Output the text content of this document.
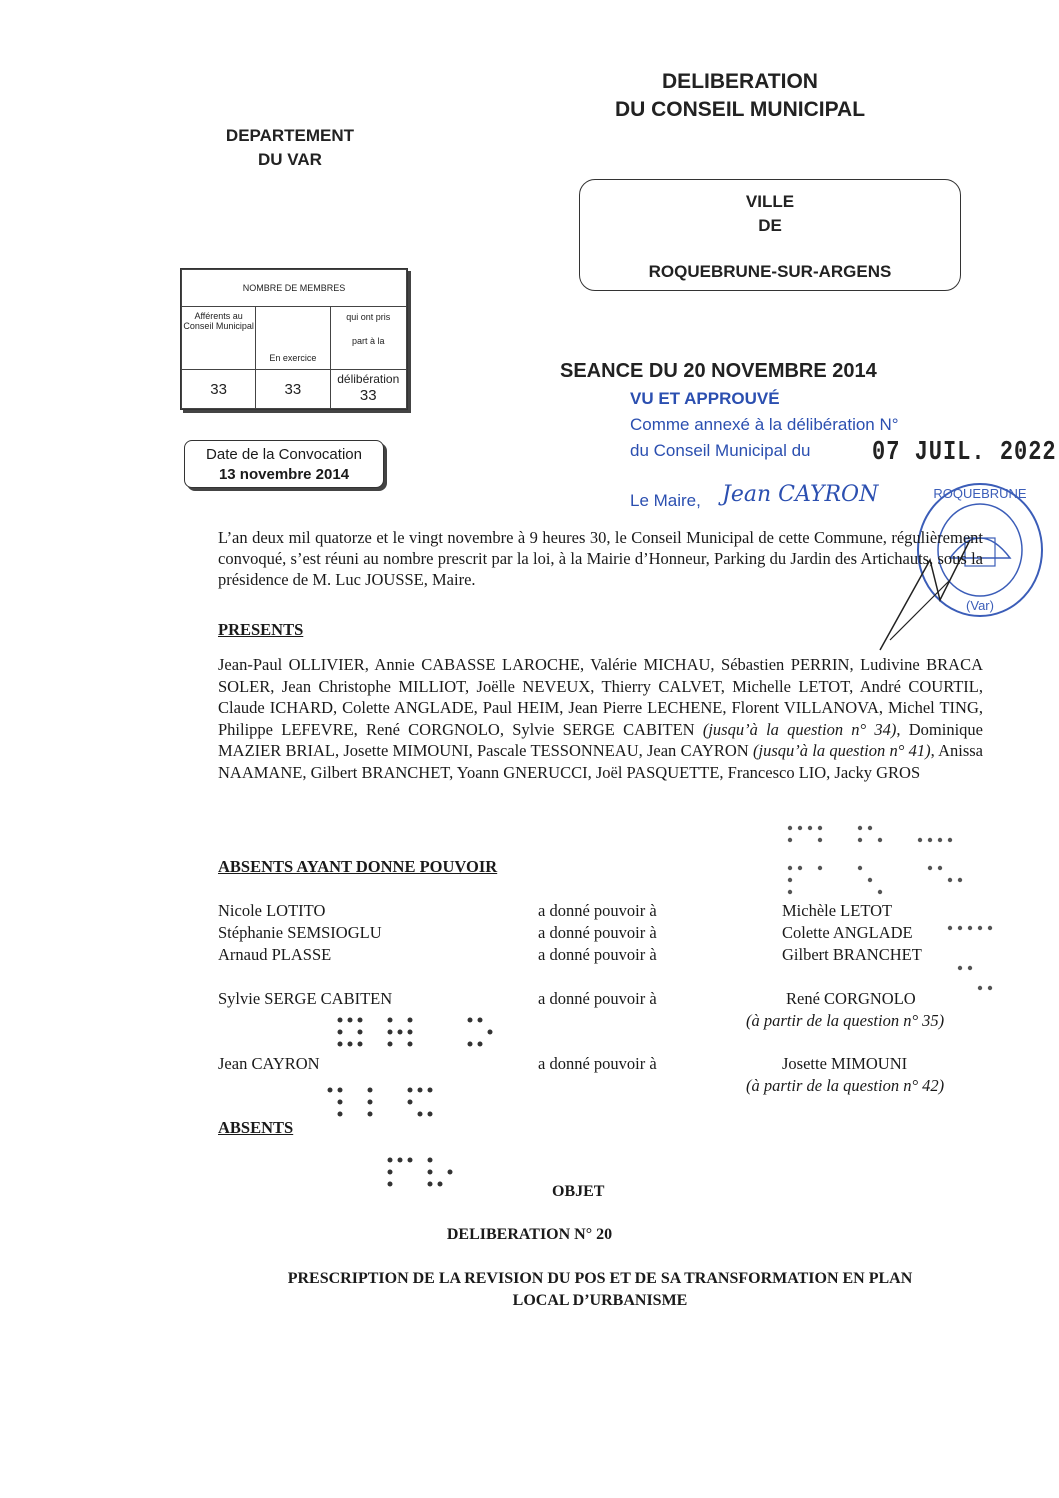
DELIBERATION
DU CONSEIL MUNICIPAL
DEPARTEMENT
DU VAR
VILLE
DE
ROQUEBRUNE-SUR-ARGENS
NOMBRE DE MEMBRES		
Afférents au Conseil Municipal	En exercice	qui ont pris
part à la

33	33	délibération
33
Date de la Convocation
13 novembre 2014
SEANCE DU 20 NOVEMBRE 2014
VU ET APPROUVÉ
Comme annexé à la délibération N°
du Conseil Municipal du	07 JUIL. 2022
Le Maire, Jean CAYRON	ROQUEBRUNE
(Var)
L’an deux mil quatorze et le vingt novembre à 9 heures 30, le Conseil Municipal de cette Commune, régulièrement convoqué, s’est réuni au nombre prescrit par la loi, à la Mairie d’Honneur, Parking du Jardin des Artichauts, sous la présidence de M. Luc JOUSSE, Maire.
PRESENTS
Jean-Paul OLLIVIER, Annie CABASSE LAROCHE, Valérie MICHAU, Sébastien PERRIN, Ludivine BRACA SOLER, Jean Christophe MILLIOT, Joëlle NEVEUX, Thierry CALVET, Michelle LETOT, André COURTIL, Claude ICHARD, Colette ANGLADE, Paul HEIM, Jean Pierre LECHENE, Florent VILLANOVA, Michel TING, Philippe LEFEVRE, René CORGNOLO, Sylvie SERGE CABITEN (jusqu’à la question n° 34), Dominique MAZIER BRIAL, Josette MIMOUNI, Pascale TESSONNEAU, Jean CAYRON (jusqu’à la question n° 41), Anissa NAAMANE, Gilbert BRANCHET, Yoann GNERUCCI, Joël PASQUETTE, Francesco LIO, Jacky GROS
ABSENTS AYANT DONNE POUVOIR
Nicole LOTITO	a donné pouvoir à	Michèle LETOT
Stéphanie SEMSIOGLU	a donné pouvoir à	Colette ANGLADE
Arnaud PLASSE	a donné pouvoir à	Gilbert BRANCHET
Sylvie SERGE CABITEN	a donné pouvoir à	René CORGNOLO
(à partir de la question n° 35)
Jean CAYRON	a donné pouvoir à	Josette MIMOUNI
(à partir de la question n° 42)
ABSENTS
OBJET
DELIBERATION N° 20
PRESCRIPTION DE LA REVISION DU POS ET DE SA TRANSFORMATION EN PLAN
LOCAL D’URBANISME
